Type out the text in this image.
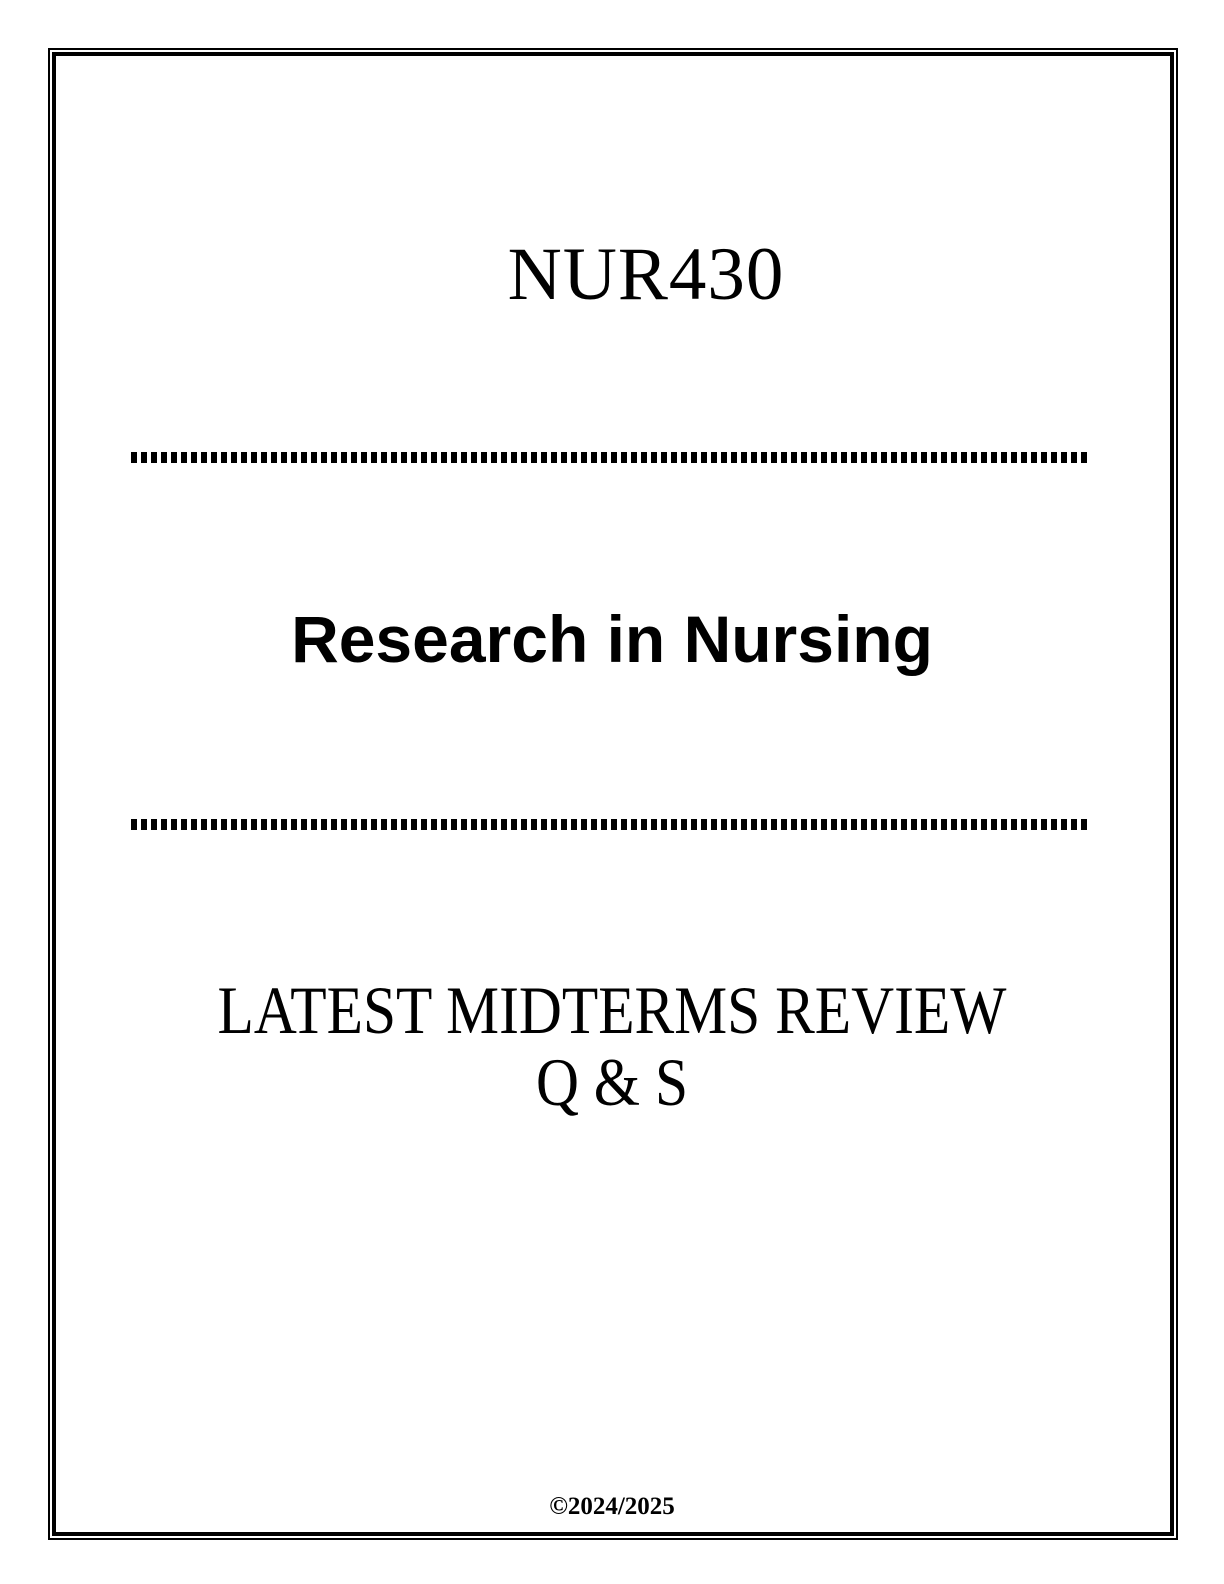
NUR430
Research in Nursing
LATEST MIDTERMS REVIEW
Q & S
©2024/2025
